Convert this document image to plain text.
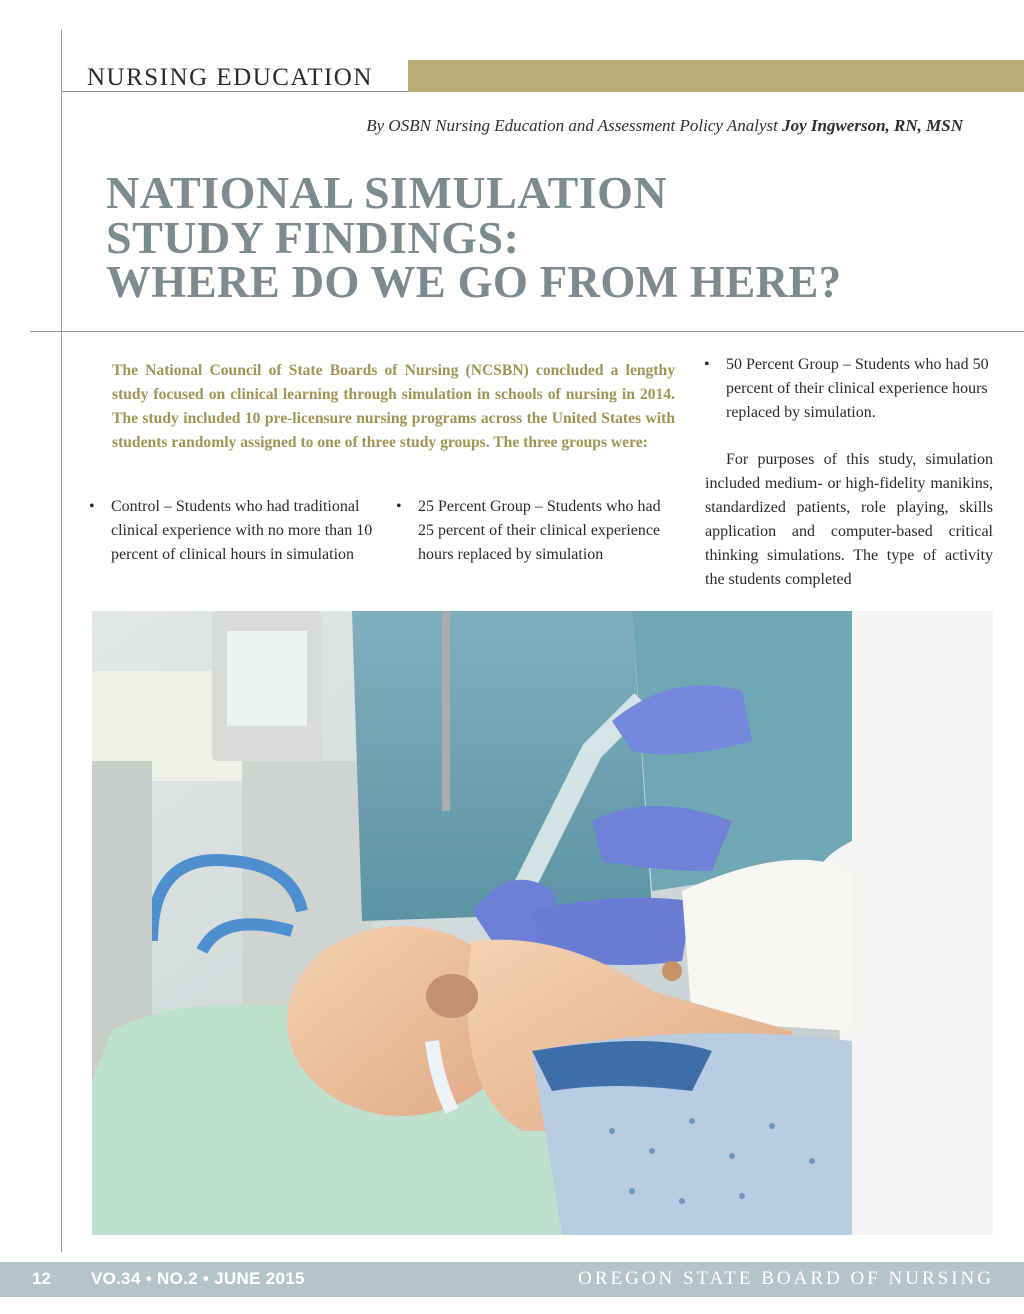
NURSING EDUCATION
By OSBN Nursing Education and Assessment Policy Analyst Joy Ingwerson, RN, MSN
NATIONAL SIMULATION
STUDY FINDINGS:
WHERE DO WE GO FROM HERE?

The National Council of State Boards of Nursing (NCSBN) concluded a lengthy study focused on clinical learning through simulation in schools of nursing in 2014. The study included 10 pre-licensure nursing programs across the United States with students randomly assigned to one of three study groups. The three groups were:

• Control – Students who had traditional clinical experience with no more than 10 percent of clinical hours in simulation
• 25 Percent Group – Students who had 25 percent of their clinical experience hours replaced by simulation
• 50 Percent Group – Students who had 50 percent of their clinical experience hours replaced by simulation.

For purposes of this study, simulation included medium- or high-fidelity manikins, standardized patients, role playing, skills application and computer-based critical thinking simulations. The type of activity the students completed

12 VO.34 • NO.2 • JUNE 2015	OREGON STATE BOARD OF NURSING
